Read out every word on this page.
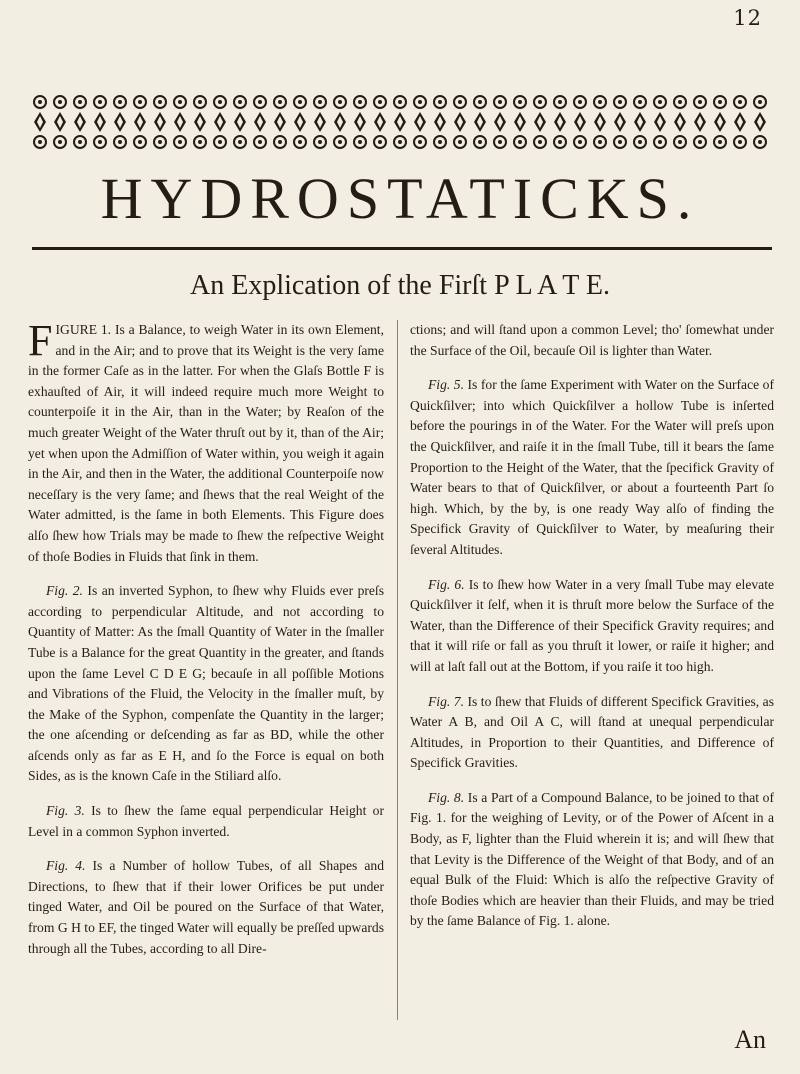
12
HYDROSTATICKS.
An Explication of the Firſt P L A T E.

FIGURE 1. Is a Balance, to weigh Water in its own Element, and in the Air; and to prove that its Weight is the very ſame in the former Caſe as in the latter. For when the Glaſs Bottle F is exhauſted of Air, it will indeed require much more Weight to counterpoiſe it in the Air, than in the Water; by Reaſon of the much greater Weight of the Water thruſt out by it, than of the Air; yet when upon the Admiſſion of Water within, you weigh it again in the Air, and then in the Water, the additional Counterpoiſe now neceſſary is the very ſame; and ſhews that the real Weight of the Water admitted, is the ſame in both Elements. This Figure does alſo ſhew how Trials may be made to ſhew the reſpective Weight of thoſe Bodies in Fluids that ſink in them.

Fig. 2. Is an inverted Syphon, to ſhew why Fluids ever preſs according to perpendicular Altitude, and not according to Quantity of Matter: As the ſmall Quantity of Water in the ſmaller Tube is a Balance for the great Quantity in the greater, and ſtands upon the ſame Level C D E G; becauſe in all poſſible Motions and Vibrations of the Fluid, the Velocity in the ſmaller muſt, by the Make of the Syphon, compenſate the Quantity in the larger; the one aſcending or deſcending as far as BD, while the other aſcends only as far as E H, and ſo the Force is equal on both Sides, as is the known Caſe in the Stiliard alſo.

Fig. 3. Is to ſhew the ſame equal perpendicular Height or Level in a common Syphon inverted.

Fig. 4. Is a Number of hollow Tubes, of all Shapes and Directions, to ſhew that if their lower Orifices be put under tinged Water, and Oil be poured on the Surface of that Water, from G H to EF, the tinged Water will equally be preſſed upwards through all the Tubes, according to all Dire-

ctions; and will ſtand upon a common Level; tho' ſomewhat under the Surface of the Oil, becauſe Oil is lighter than Water.

Fig. 5. Is for the ſame Experiment with Water on the Surface of Quickſilver; into which Quickſilver a hollow Tube is inſerted before the pourings in of the Water. For the Water will preſs upon the Quickſilver, and raiſe it in the ſmall Tube, till it bears the ſame Proportion to the Height of the Water, that the ſpecifick Gravity of Water bears to that of Quickſilver, or about a fourteenth Part ſo high. Which, by the by, is one ready Way alſo of finding the Specifick Gravity of Quickſilver to Water, by meaſuring their ſeveral Altitudes.

Fig. 6. Is to ſhew how Water in a very ſmall Tube may elevate Quickſilver it ſelf, when it is thruſt more below the Surface of the Water, than the Difference of their Specifick Gravity requires; and that it will riſe or fall as you thruſt it lower, or raiſe it higher; and will at laſt fall out at the Bottom, if you raiſe it too high.

Fig. 7. Is to ſhew that Fluids of different Specifick Gravities, as Water A B, and Oil A C, will ſtand at unequal perpendicular Altitudes, in Proportion to their Quantities, and Difference of Specifick Gravities.

Fig. 8. Is a Part of a Compound Balance, to be joined to that of Fig. 1. for the weighing of Levity, or of the Power of Aſcent in a Body, as F, lighter than the Fluid wherein it is; and will ſhew that that Levity is the Difference of the Weight of that Body, and of an equal Bulk of the Fluid: Which is alſo the reſpective Gravity of thoſe Bodies which are heavier than their Fluids, and may be tried by the ſame Balance of Fig. 1. alone.

An
